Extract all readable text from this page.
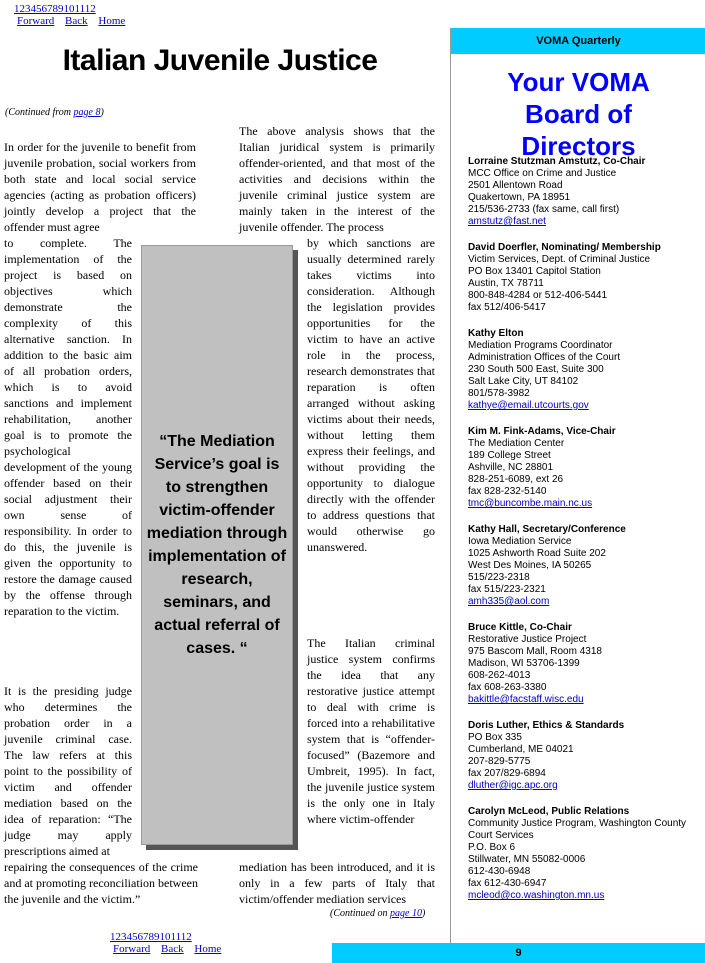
123456789101112
Forward Back Home
Italian Juvenile Justice
(Continued from page 8)
In order for the juvenile to benefit from juvenile probation, social workers from both state and local social service agencies (acting as probation officers) jointly develop a project that the offender must agree
to complete. The implementation of the project is based on objectives which demonstrate the complexity of this alternative sanction. In addition to the basic aim of all probation orders, which is to avoid sanctions and implement rehabilitation, another goal is to promote the psychological development of the young offender based on their social adjustment their own sense of responsibility. In order to do this, the juvenile is given the opportunity to restore the damage caused by the offense through reparation to the victim.
It is the presiding judge who determines the probation order in a juvenile criminal case. The law refers at this point to the possibility of victim and offender mediation based on the idea of reparation: “The judge may apply prescriptions aimed at
repairing the consequences of the crime and at promoting reconciliation between the juvenile and the victim.”
The above analysis shows that the Italian juridical system is primarily offender-oriented, and that most of the activities and decisions within the juvenile criminal justice system are mainly taken in the interest of the juvenile offender. The process
by which sanctions are usually determined rarely takes victims into consideration. Although the legislation provides opportunities for the victim to have an active role in the process, research demonstrates that reparation is often arranged without asking victims about their needs, without letting them express their feelings, and without providing the opportunity to dialogue directly with the offender to address questions that would otherwise go unanswered.
The Italian criminal justice system confirms the idea that any restorative justice attempt to deal with crime is forced into a rehabilitative system that is “offender-focused” (Bazemore and Umbreit, 1995). In fact, the juvenile justice system is the only one in Italy where victim-offender
mediation has been introduced, and it is only in a few parts of Italy that victim/offender mediation services
(Continued on page 10)
“The Mediation Service’s goal is to strengthen victim-offender mediation through implementation of research, seminars, and actual referral of cases. “
123456789101112
Forward Back Home
VOMA Quarterly
Your VOMA Board of Directors
Lorraine Stutzman Amstutz, Co-Chair
MCC Office on Crime and Justice
2501 Allentown Road
Quakertown, PA 18951
215/536-2733 (fax same, call first)
amstutz@fast.net
David Doerfler, Nominating/ Membership
Victim Services, Dept. of Criminal Justice
PO Box 13401 Capitol Station
Austin, TX 78711
800-848-4284 or 512-406-5441
fax 512/406-5417
Kathy Elton
Mediation Programs Coordinator
Administration Offices of the Court
230 South 500 East, Suite 300
Salt Lake City, UT 84102
801/578-3982
kathye@email.utcourts.gov
Kim M. Fink-Adams, Vice-Chair
The Mediation Center
189 College Street
Ashville, NC 28801
828-251-6089, ext 26
fax 828-232-5140
tmc@buncombe.main.nc.us
Kathy Hall, Secretary/Conference
Iowa Mediation Service
1025 Ashworth Road Suite 202
West Des Moines, IA 50265
515/223-2318
fax 515/223-2321
amh335@aol.com
Bruce Kittle, Co-Chair
Restorative Justice Project
975 Bascom Mall, Room 4318
Madison, WI 53706-1399
608-262-4013
fax 608-263-3380
bakittle@facstaff.wisc.edu
Doris Luther, Ethics & Standards
PO Box 335
Cumberland, ME 04021
207-829-5775
fax 207/829-6894
dluther@igc.apc.org
Carolyn McLeod, Public Relations
Community Justice Program, Washington County Court Services
P.O. Box 6
Stillwater, MN 55082-0006
612-430-6948
fax 612-430-6947
mcleod@co.washington.mn.us
9
